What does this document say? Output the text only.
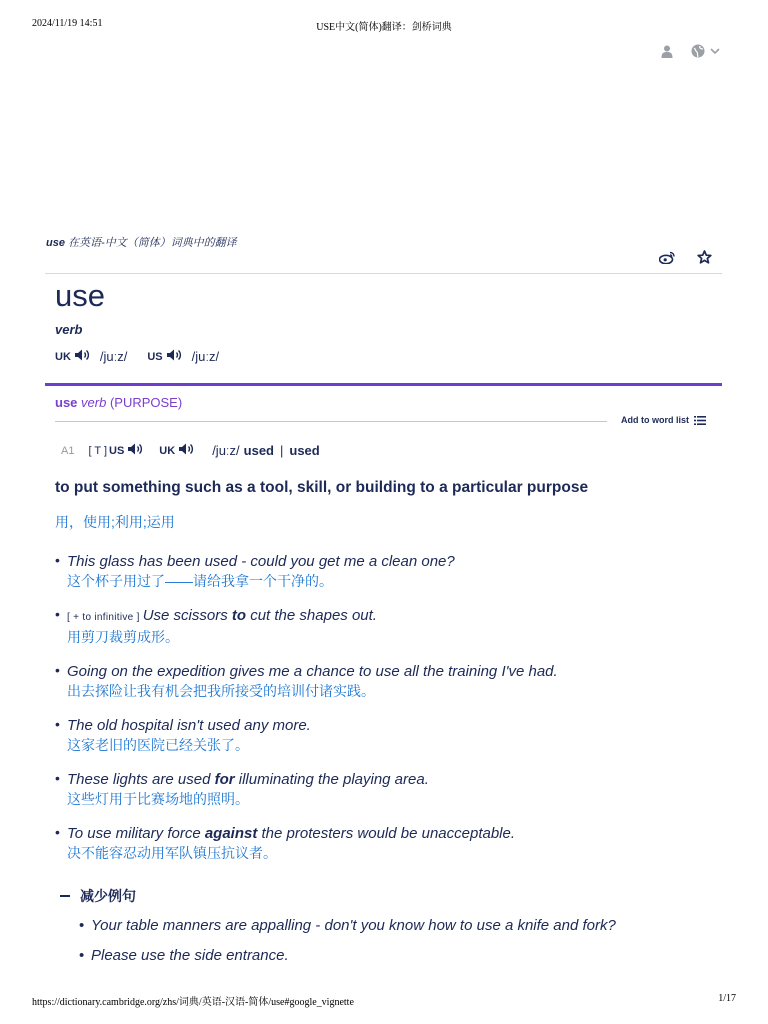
2024/11/19 14:51	USE中文(简体)翻译：剑桥词典
use 在英语-中文（简体）词典中的翻译
use
verb
UK /juːz/ US /juːz/
use verb (PURPOSE)
Add to word list
A1 [ T ] US	UK	/juːz/ used | used
to put something such as a tool, skill, or building to a particular purpose
用，使用;利用;运用
• This glass has been used - could you get me a clean one?
这个杯子用过了——请给我拿一个干净的。
• [ + to infinitive ] Use scissors to cut the shapes out.
用剪刀裁剪成形。
• Going on the expedition gives me a chance to use all the training I've had.
出去探险让我有机会把我所接受的培训付诸实践。
• The old hospital isn't used any more.
这家老旧的医院已经关张了。
• These lights are used for illuminating the playing area.
这些灯用于比赛场地的照明。
• To use military force against the protesters would be unacceptable.
决不能容忍动用军队镇压抗议者。
减少例句
• Your table manners are appalling - don't you know how to use a knife and fork?
• Please use the side entrance.
https://dictionary.cambridge.org/zhs/词典/英语-汉语-简体/use#google_vignette	1/17
